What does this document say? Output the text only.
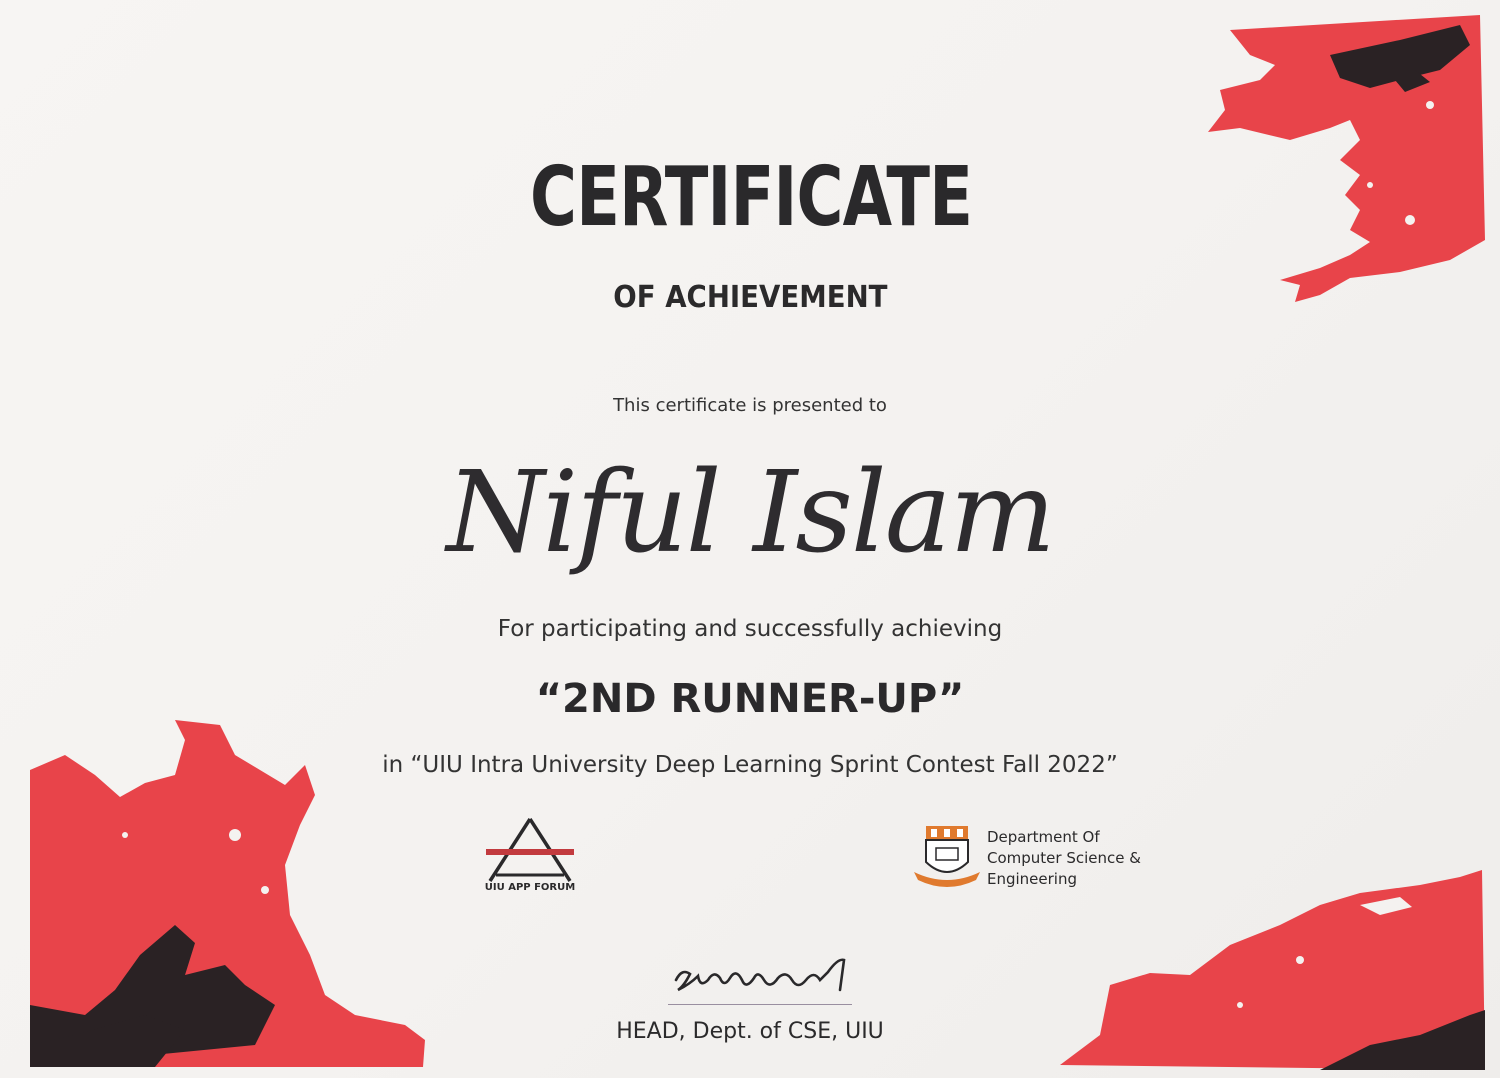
CERTIFICATE
OF ACHIEVEMENT
This certificate is presented to
Niful Islam
For participating and successfully achieving
“2ND RUNNER-UP”
in “UIU Intra University Deep Learning Sprint Contest Fall 2022”
UIU APP FORUM
Department Of
Computer Science &
Engineering
HEAD, Dept. of CSE, UIU
